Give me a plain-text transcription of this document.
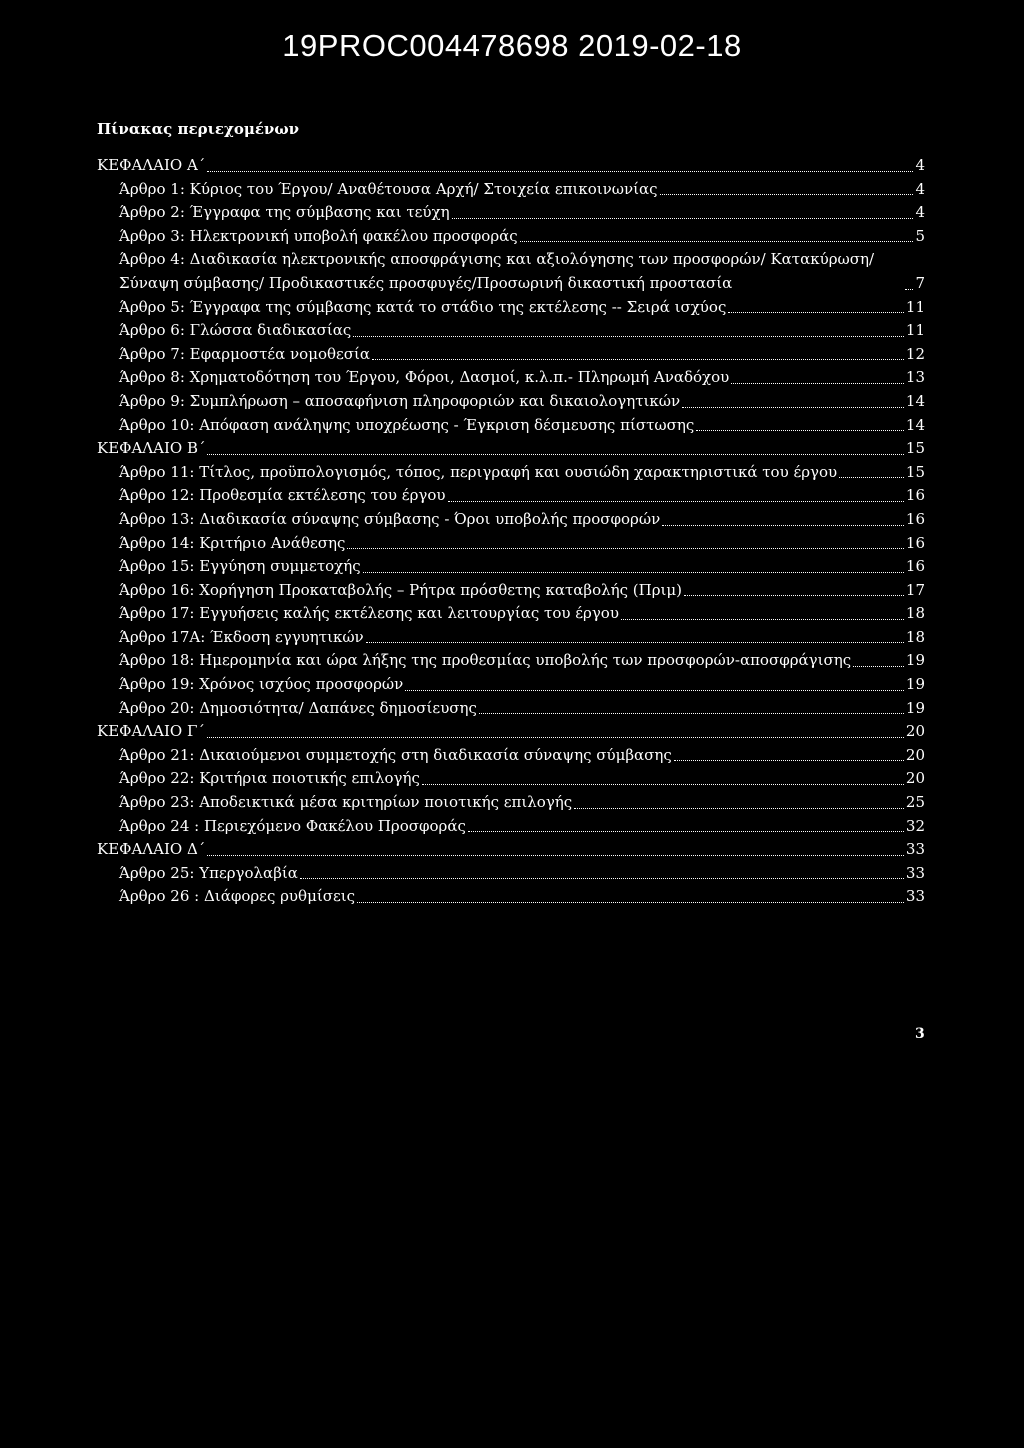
19PROC004478698 2019-02-18
Πίνακας περιεχομένων
ΚΕΦΑΛΑΙΟ Α΄	4
Άρθρο 1: Κύριος του Έργου/ Αναθέτουσα Αρχή/ Στοιχεία επικοινωνίας	4
Άρθρο 2: Έγγραφα της σύμβασης και τεύχη	4
Άρθρο 3: Ηλεκτρονική υποβολή φακέλου προσφοράς	5
Άρθρο 4: Διαδικασία ηλεκτρονικής αποσφράγισης και αξιολόγησης των προσφορών/ Κατακύρωση/ Σύναψη σύμβασης/ Προδικαστικές προσφυγές/Προσωρινή δικαστική προστασία	7
Άρθρο 5: Έγγραφα της σύμβασης κατά το στάδιο της εκτέλεσης -- Σειρά ισχύος	11
Άρθρο 6: Γλώσσα διαδικασίας	11
Άρθρο 7: Εφαρμοστέα νομοθεσία	12
Άρθρο 8: Χρηματοδότηση του Έργου, Φόροι, Δασμοί, κ.λ.π.- Πληρωμή Αναδόχου	13
Άρθρο 9: Συμπλήρωση – αποσαφήνιση πληροφοριών και δικαιολογητικών	14
Άρθρο 10: Απόφαση ανάληψης υποχρέωσης - Έγκριση δέσμευσης πίστωσης	14
ΚΕΦΑΛΑΙΟ Β΄	15
Άρθρο 11: Τίτλος, προϋπολογισμός, τόπος, περιγραφή και ουσιώδη χαρακτηριστικά του έργου	15
Άρθρο 12: Προθεσμία εκτέλεσης του έργου	16
Άρθρο 13: Διαδικασία σύναψης σύμβασης - Όροι υποβολής προσφορών	16
Άρθρο 14: Κριτήριο Ανάθεσης	16
Άρθρο 15: Εγγύηση συμμετοχής	16
Άρθρο 16: Χορήγηση Προκαταβολής – Ρήτρα πρόσθετης καταβολής (Πριμ)	17
Άρθρο 17: Εγγυήσεις καλής εκτέλεσης και λειτουργίας του έργου	18
Άρθρο 17Α: Έκδοση εγγυητικών	18
Άρθρο 18: Ημερομηνία και ώρα λήξης της προθεσμίας υποβολής των προσφορών-αποσφράγισης	19
Άρθρο 19: Χρόνος ισχύος προσφορών	19
Άρθρο 20: Δημοσιότητα/ Δαπάνες δημοσίευσης	19
ΚΕΦΑΛΑΙΟ Γ΄	20
Άρθρο 21: Δικαιούμενοι συμμετοχής στη διαδικασία σύναψης σύμβασης	20
Άρθρο 22: Κριτήρια ποιοτικής επιλογής	20
Άρθρο 23: Αποδεικτικά μέσα κριτηρίων ποιοτικής επιλογής	25
Άρθρο 24 : Περιεχόμενο Φακέλου Προσφοράς	32
ΚΕΦΑΛΑΙΟ Δ΄	33
Άρθρο 25: Υπεργολαβία	33
Άρθρο 26 : Διάφορες ρυθμίσεις	33
3
